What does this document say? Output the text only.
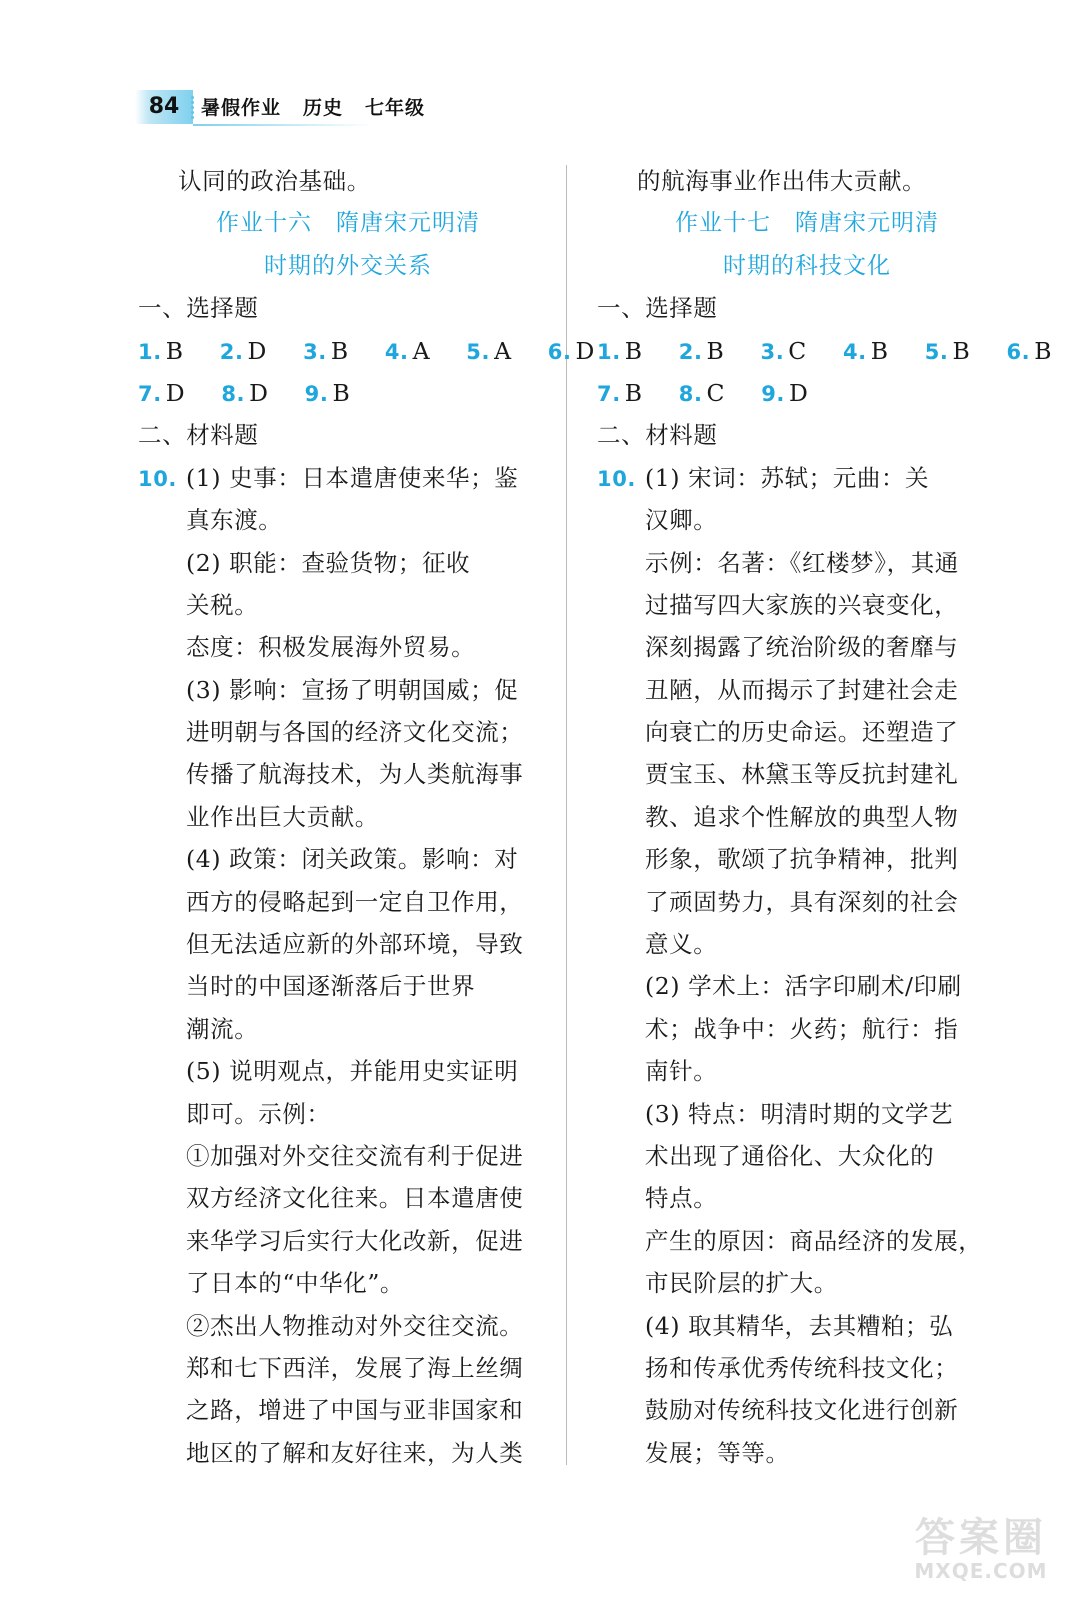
84	暑假作业 历史 七年级
认同的政治基础。
作业十六　隋唐宋元明清
时期的外交关系
一、选择题
1. B 2. D 3. B 4. A 5. A 6. D
7. D 8. D 9. B
二、材料题
10. (1) 史事：日本遣唐使来华；鉴
真东渡。
(2) 职能：查验货物；征收
关税。
态度：积极发展海外贸易。
(3) 影响：宣扬了明朝国威；促
进明朝与各国的经济文化交流；
传播了航海技术，为人类航海事
业作出巨大贡献。
(4) 政策：闭关政策。影响：对
西方的侵略起到一定自卫作用，
但无法适应新的外部环境，导致
当时的中国逐渐落后于世界
潮流。
(5) 说明观点，并能用史实证明
即可。示例：
①加强对外交往交流有利于促进
双方经济文化往来。日本遣唐使
来华学习后实行大化改新，促进
了日本的“中华化”。
②杰出人物推动对外交往交流。
郑和七下西洋，发展了海上丝绸
之路，增进了中国与亚非国家和
地区的了解和友好往来，为人类
的航海事业作出伟大贡献。
作业十七　隋唐宋元明清
时期的科技文化
一、选择题
1. B 2. B 3. C 4. B 5. B 6. B
7. B 8. C 9. D
二、材料题
10. (1) 宋词：苏轼；元曲：关
汉卿。
示例：名著：《红楼梦》，其通
过描写四大家族的兴衰变化，
深刻揭露了统治阶级的奢靡与
丑陋，从而揭示了封建社会走
向衰亡的历史命运。还塑造了
贾宝玉、林黛玉等反抗封建礼
教、追求个性解放的典型人物
形象，歌颂了抗争精神，批判
了顽固势力，具有深刻的社会
意义。
(2) 学术上：活字印刷术/印刷
术；战争中：火药；航行：指
南针。
(3) 特点：明清时期的文学艺
术出现了通俗化、大众化的
特点。
产生的原因：商品经济的发展，
市民阶层的扩大。
(4) 取其精华，去其糟粕；弘
扬和传承优秀传统科技文化；
鼓励对传统科技文化进行创新
发展；等等。
答案圈
MXQE.COM
